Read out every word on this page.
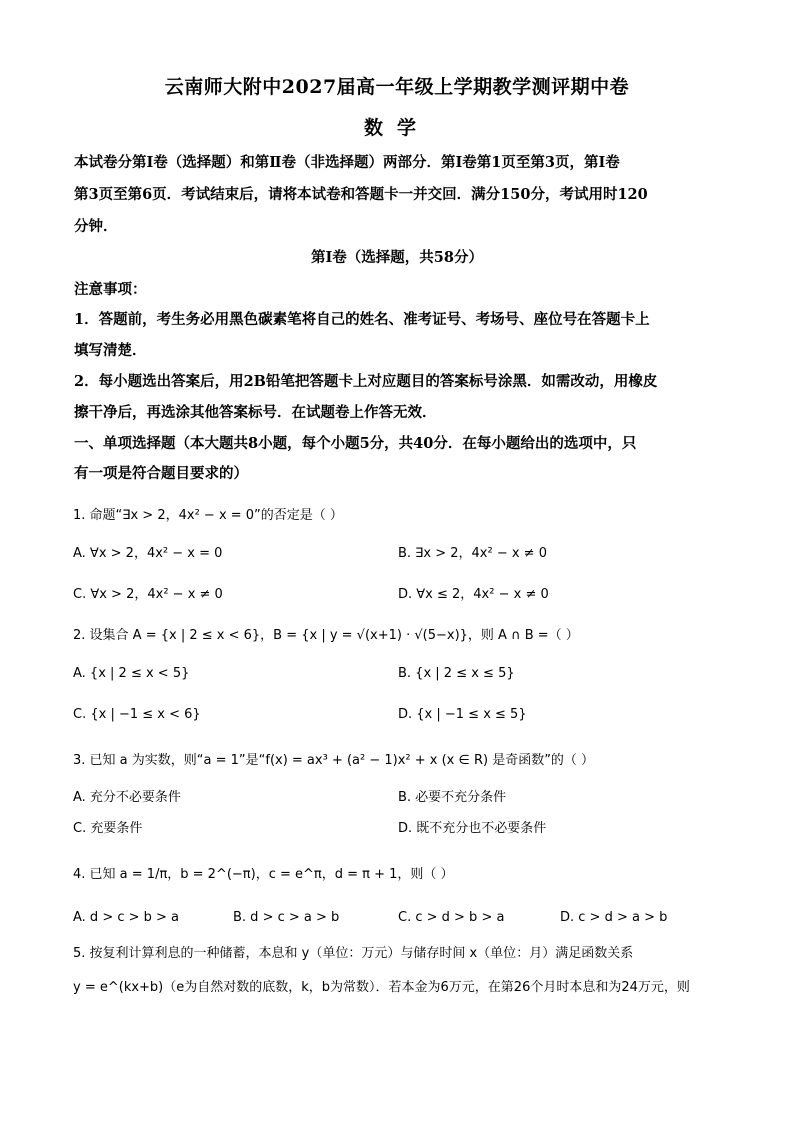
云南师大附中2027届高一年级上学期教学测评期中卷
数学
本试卷分第Ⅰ卷（选择题）和第Ⅱ卷（非选择题）两部分．第Ⅰ卷第1页至第3页，第Ⅰ卷
第3页至第6页．考试结束后，请将本试卷和答题卡一并交回．满分150分，考试用时120
分钟．
第Ⅰ卷（选择题，共58分）
注意事项：
1．答题前，考生务必用黑色碳素笔将自己的姓名、准考证号、考场号、座位号在答题卡上
填写清楚．
2．每小题选出答案后，用2B铅笔把答题卡上对应题目的答案标号涂黑．如需改动，用橡皮
擦干净后，再选涂其他答案标号．在试题卷上作答无效．
一、单项选择题（本大题共8小题，每个小题5分，共40分．在每小题给出的选项中，只
有一项是符合题目要求的）
1. 命题“∃x > 2，4x² − x = 0”的否定是（ ）
A. ∀x > 2，4x² − x = 0	B. ∃x > 2，4x² − x ≠ 0
C. ∀x > 2，4x² − x ≠ 0	D. ∀x ≤ 2，4x² − x ≠ 0
2. 设集合 A = {x | 2 ≤ x < 6}，B = {x | y = √(x+1) · √(5−x)}，则 A ∩ B =（ ）
A. {x | 2 ≤ x < 5}	B. {x | 2 ≤ x ≤ 5}
C. {x | −1 ≤ x < 6}	D. {x | −1 ≤ x ≤ 5}
3. 已知 a 为实数，则“a = 1”是“f(x) = ax³ + (a² − 1)x² + x (x ∈ R) 是奇函数”的（ ）
A. 充分不必要条件	B. 必要不充分条件
C. 充要条件	D. 既不充分也不必要条件
4. 已知 a = 1/π，b = 2^(−π)，c = e^π，d = π + 1，则（ ）
A. d > c > b > a	B. d > c > a > b	C. c > d > b > a	D. c > d > a > b
5. 按复利计算利息的一种储蓄，本息和 y（单位：万元）与储存时间 x（单位：月）满足函数关系
y = e^(kx+b)（e为自然对数的底数，k，b为常数）．若本金为6万元，在第26个月时本息和为24万元，则
